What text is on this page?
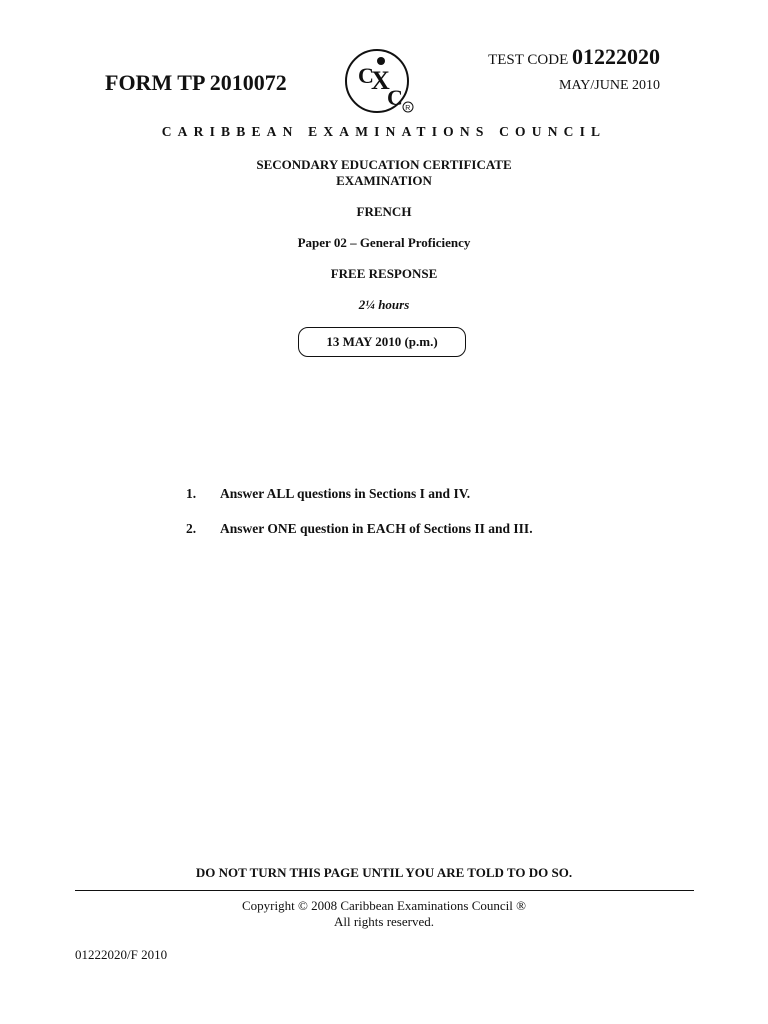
FORM TP 2010072	C
X
C R
TEST CODE 01222020
MAY/JUNE 2010
CARIBBEAN EXAMINATIONS COUNCIL
SECONDARY EDUCATION CERTIFICATE
EXAMINATION
FRENCH
Paper 02 – General Proficiency
FREE RESPONSE
2¼ hours
13 MAY 2010 (p.m.)
1.	Answer ALL questions in Sections I and IV.
2.	Answer ONE question in EACH of Sections II and III.
DO NOT TURN THIS PAGE UNTIL YOU ARE TOLD TO DO SO.
Copyright © 2008 Caribbean Examinations Council ®
All rights reserved.
01222020/F 2010
